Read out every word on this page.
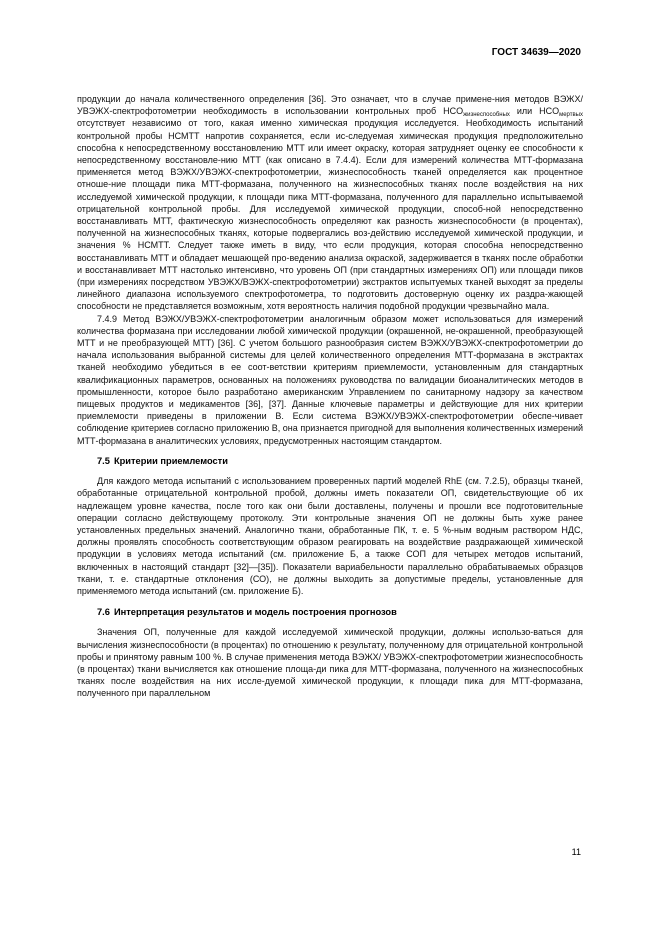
ГОСТ 34639—2020

продукции до начала количественного определения [36]. Это означает, что в случае примене-ния методов ВЭЖХ/УВЭЖХ-спектрофотометрии необходимость в использовании контрольных проб $HCO_{жизнеспособных}$ или $HCO_{мертвых}$ отсутствует независимо от того, какая именно химическая продукция исследуется. Необходимость испытаний контрольной пробы НСМТТ напротив сохраняется, если ис-следуемая химическая продукция предположительно способна к непосредственному восстановлению МТТ или имеет окраску, которая затрудняет оценку ее способности к непосредственному восстановле-нию МТТ (как описано в 7.4.4). Если для измерений количества МТТ-формазана применяется метод ВЭЖХ/УВЭЖХ-спектрофотометрии, жизнеспособность тканей определяется как процентное отноше-ние площади пика МТТ-формазана, полученного на жизнеспособных тканях после воздействия на них исследуемой химической продукции, к площади пика МТТ-формазана, полученного для параллельно испытываемой отрицательной контрольной пробы. Для исследуемой химической продукции, способ-ной непосредственно восстанавливать МТТ, фактическую жизнеспособность определяют как разность жизнеспособности (в процентах), полученной на жизнеспособных тканях, которые подвергались воз-действию исследуемой химической продукции, и значения % НСМТТ. Следует также иметь в виду, что если продукция, которая способна непосредственно восстанавливать МТТ и обладает мешающей про-ведению анализа окраской, задерживается в тканях после обработки и восстанавливает МТТ настолько интенсивно, что уровень ОП (при стандартных измерениях ОП) или площади пиков (при измерениях посредством УВЭЖХ/ВЭЖХ-спектрофотометрии) экстрактов испытуемых тканей выходят за пределы линейного диапазона используемого спектрофотометра, то подготовить достоверную оценку их раздра-жающей способности не представляется возможным, хотя вероятность наличия подобной продукции чрезвычайно мала.

7.4.9 Метод ВЭЖХ/УВЭЖХ-спектрофотометрии аналогичным образом может использоваться для измерений количества формазана при исследовании любой химической продукции (окрашенной, не-окрашенной, преобразующей МТТ и не преобразующей МТТ) [36]. С учетом большого разнообразия систем ВЭЖХ/УВЭЖХ-спектрофотометрии до начала использования выбранной системы для целей количественного определения МТТ-формазана в экстрактах тканей необходимо убедиться в ее соот-ветствии критериям приемлемости, установленным для стандартных квалификационных параметров, основанных на положениях руководства по валидации биоаналитических методов в промышленности, которое было разработано американским Управлением по санитарному надзору за качеством пищевых продуктов и медикаментов [36], [37]. Данные ключевые параметры и действующие для них критерии приемлемости приведены в приложении В. Если система ВЭЖХ/УВЭЖХ-спектрофотометрии обеспе-чивает соблюдение критериев согласно приложению В, она признается пригодной для выполнения количественных измерений МТТ-формазана в аналитических условиях, предусмотренных настоящим стандартом.

7.5 Критерии приемлемости

Для каждого метода испытаний с использованием проверенных партий моделей RhE (см. 7.2.5), образцы тканей, обработанные отрицательной контрольной пробой, должны иметь показатели ОП, свидетельствующие об их надлежащем уровне качества, после того как они были доставлены, получены и прошли все подготовительные операции согласно действующему протоколу. Эти контрольные значения ОП не должны быть хуже ранее установленных предельных значений. Аналогично ткани, обработанные ПК, т. е. 5 %-ным водным раствором НДС, должны проявлять способность соответствующим образом реагировать на воздействие раздражающей химической продукции в условиях метода испытаний (см. приложение Б, а также СОП для четырех методов испытаний, включенных в настоящий стандарт [32]—[35]). Показатели вариабельности параллельно обрабатываемых образцов ткани, т. е. стандартные отклонения (СО), не должны выходить за допустимые пределы, установленные для применяемого метода испытаний (см. приложение Б).

7.6 Интерпретация результатов и модель построения прогнозов

Значения ОП, полученные для каждой исследуемой химической продукции, должны использо-ваться для вычисления жизнеспособности (в процентах) по отношению к результату, полученному для отрицательной контрольной пробы и принятому равным 100 %. В случае применения метода ВЭЖХ/ УВЭЖХ-спектрофотометрии жизнеспособность (в процентах) ткани вычисляется как отношение площа-ди пика для МТТ-формазана, полученного на жизнеспособных тканях после воздействия на них иссле-дуемой химической продукции, к площади пика для МТТ-формазана, полученного при параллельном

11
